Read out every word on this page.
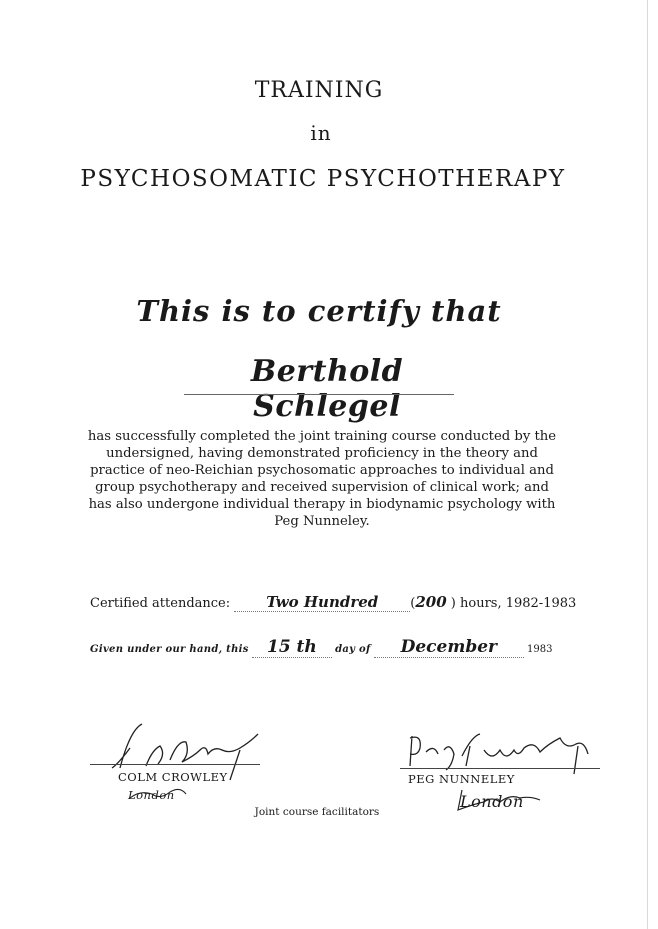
TRAINING
in
PSYCHOSOMATIC PSYCHOTHERAPY
This is to certify that
Berthold Schlegel
has successfully completed the joint training course conducted by the undersigned, having demonstrated proficiency in the theory and practice of neo-Reichian psychosomatic approaches to individual and group psychotherapy and received supervision of clinical work; and has also undergone individual therapy in biodynamic psychology with Peg Nunneley.
Certified attendance: Two Hundred (200 ) hours, 1982-1983
Given under our hand, this 15 th day of December	1983
COLM CROWLEY
London
PEG NUNNELEY
London
Joint course facilitators
